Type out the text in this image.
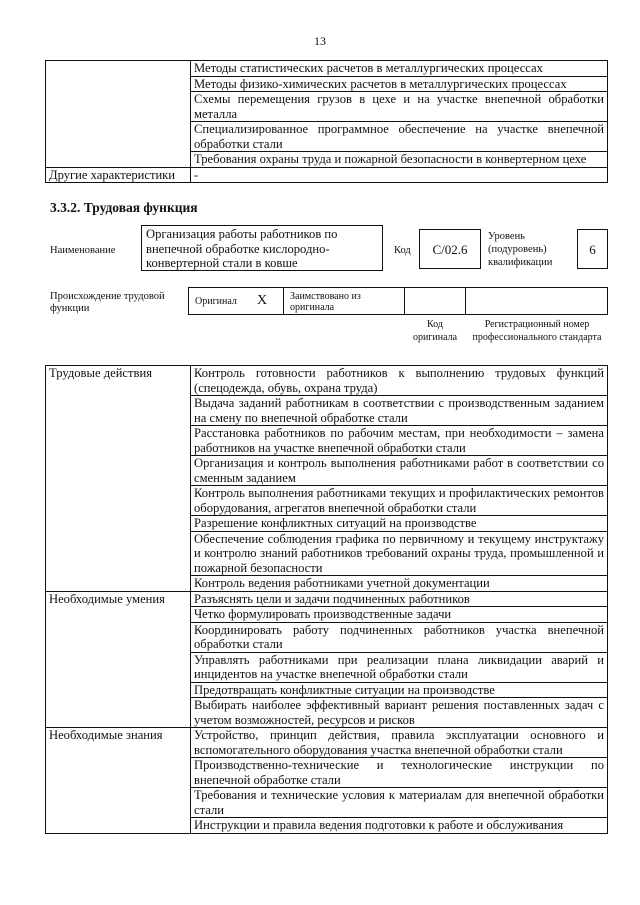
13
	Методы статистических расчетов в металлургических процессах
	Методы физико-химических расчетов в металлургических процессах
	Схемы перемещения грузов в цехе и на участке внепечной обработки металла
	Специализированное программное обеспечение на участке внепечной обработки стали
	Требования охраны труда и пожарной безопасности в конвертерном цехе
Другие характеристики	-
3.3.2. Трудовая функция
Наименование
Организация работы работников по внепечной обработке кислородно-конвертерной стали в ковше
Код	C/02.6
Уровень (подуровень) квалификации
6
Происхождение трудовой функции
Оригинал X Заимствовано из оригинала
Код оригинала
Регистрационный номер профессионального стандарта
Трудовые действия	Контроль готовности работников к выполнению трудовых функций (спецодежда, обувь, охрана труда)
	Выдача заданий работникам в соответствии с производственным заданием на смену по внепечной обработке стали
	Расстановка работников по рабочим местам, при необходимости – замена работников на участке внепечной обработки стали
	Организация и контроль выполнения работниками работ в соответствии со сменным заданием
	Контроль выполнения работниками текущих и профилактических ремонтов оборудования, агрегатов внепечной обработки стали
	Разрешение конфликтных ситуаций на производстве
	Обеспечение соблюдения графика по первичному и текущему инструктажу и контролю знаний работников требований охраны труда, промышленной и пожарной безопасности
	Контроль ведения работниками учетной документации
Необходимые умения	Разъяснять цели и задачи подчиненных работников
	Четко формулировать производственные задачи
	Координировать работу подчиненных работников участка внепечной обработки стали
	Управлять работниками при реализации плана ликвидации аварий и инцидентов на участке внепечной обработки стали
	Предотвращать конфликтные ситуации на производстве
	Выбирать наиболее эффективный вариант решения поставленных задач с учетом возможностей, ресурсов и рисков
Необходимые знания	Устройство, принцип действия, правила эксплуатации основного и вспомогательного оборудования участка внепечной обработки стали
	Производственно-технические и технологические инструкции по внепечной обработке стали
	Требования и технические условия к материалам для внепечной обработки стали
	Инструкции и правила ведения подготовки к работе и обслуживания
